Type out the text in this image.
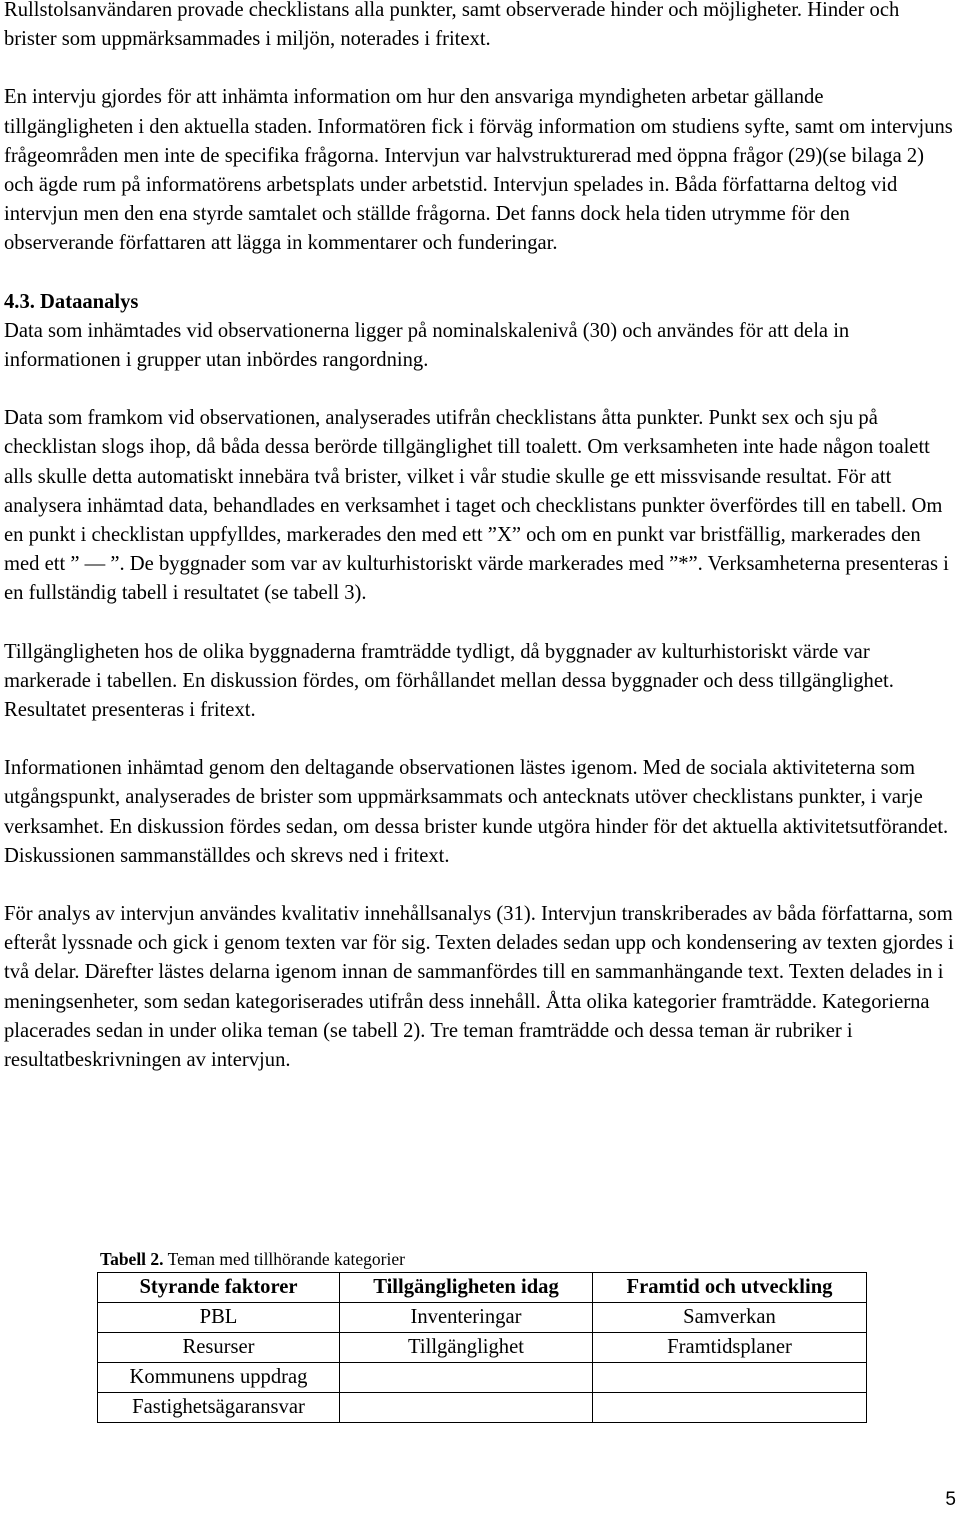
Rullstolsanvändaren provade checklistans alla punkter, samt observerade hinder och möjligheter. Hinder och brister som uppmärksammades i miljön, noterades i fritext.

En intervju gjordes för att inhämta information om hur den ansvariga myndigheten arbetar gällande tillgängligheten i den aktuella staden. Informatören fick i förväg information om studiens syfte, samt om intervjuns frågeområden men inte de specifika frågorna. Intervjun var halvstrukturerad med öppna frågor (29)(se bilaga 2) och ägde rum på informatörens arbetsplats under arbetstid. Intervjun spelades in. Båda författarna deltog vid intervjun men den ena styrde samtalet och ställde frågorna. Det fanns dock hela tiden utrymme för den observerande författaren att lägga in kommentarer och funderingar.

4.3. Dataanalys

Data som inhämtades vid observationerna ligger på nominalskalenivå (30) och användes för att dela in informationen i grupper utan inbördes rangordning.

Data som framkom vid observationen, analyserades utifrån checklistans åtta punkter. Punkt sex och sju på checklistan slogs ihop, då båda dessa berörde tillgänglighet till toalett. Om verksamheten inte hade någon toalett alls skulle detta automatiskt innebära två brister, vilket i vår studie skulle ge ett missvisande resultat. För att analysera inhämtad data, behandlades en verksamhet i taget och checklistans punkter överfördes till en tabell. Om en punkt i checklistan uppfylldes, markerades den med ett ”X” och om en punkt var bristfällig, markerades den med ett ” — ”. De byggnader som var av kulturhistoriskt värde markerades med ”*”. Verksamheterna presenteras i en fullständig tabell i resultatet (se tabell 3).

Tillgängligheten hos de olika byggnaderna framträdde tydligt, då byggnader av kulturhistoriskt värde var markerade i tabellen. En diskussion fördes, om förhållandet mellan dessa byggnader och dess tillgänglighet. Resultatet presenteras i fritext.

Informationen inhämtad genom den deltagande observationen lästes igenom. Med de sociala aktiviteterna som utgångspunkt, analyserades de brister som uppmärksammats och antecknats utöver checklistans punkter, i varje verksamhet. En diskussion fördes sedan, om dessa brister kunde utgöra hinder för det aktuella aktivitetsutförandet. Diskussionen sammanställdes och skrevs ned i fritext.

För analys av intervjun användes kvalitativ innehållsanalys (31). Intervjun transkriberades av båda författarna, som efteråt lyssnade och gick i genom texten var för sig. Texten delades sedan upp och kondensering av texten gjordes i två delar. Därefter lästes delarna igenom innan de sammanfördes till en sammanhängande text. Texten delades in i meningsenheter, som sedan kategoriserades utifrån dess innehåll. Åtta olika kategorier framträdde. Kategorierna placerades sedan in under olika teman (se tabell 2). Tre teman framträdde och dessa teman är rubriker i resultatbeskrivningen av intervjun.

Tabell 2. Teman med tillhörande kategorier
Styrande faktorer	Tillgängligheten idag	Framtid och utveckling
PBL	Inventeringar	Samverkan
Resurser	Tillgänglighet	Framtidsplaner
Kommunens uppdrag		
Fastighetsägaransvar		
5
